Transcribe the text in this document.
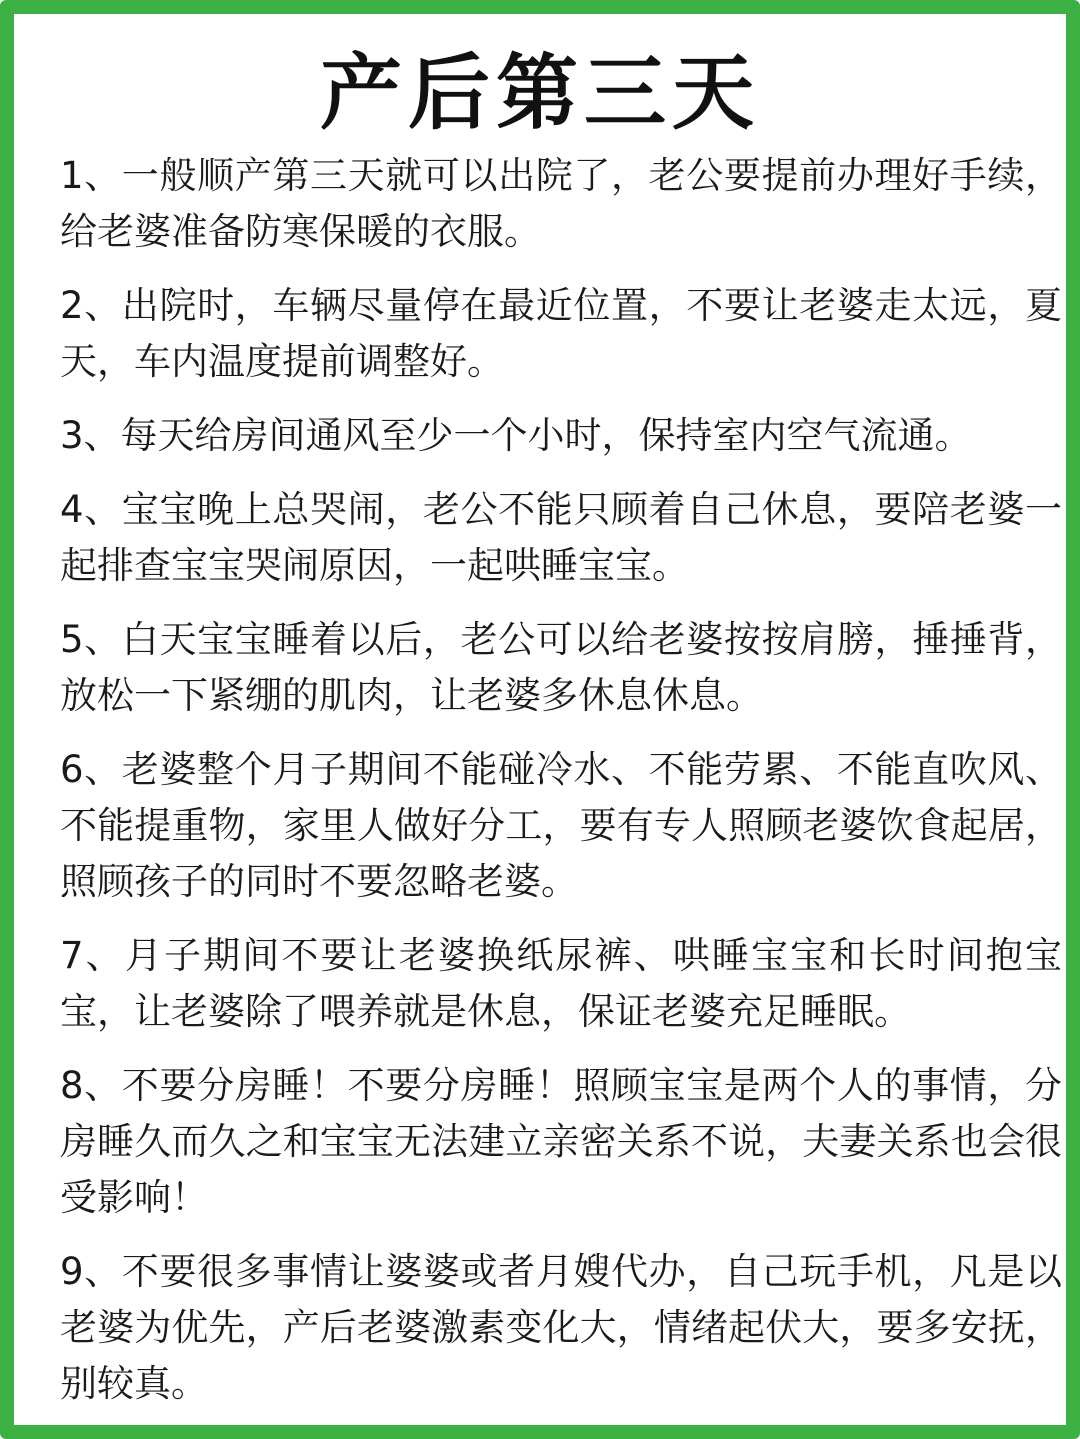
产后第三天

1、一般顺产第三天就可以出院了，老公要提前办理好手续，给老婆准备防寒保暖的衣服。

2、出院时，车辆尽量停在最近位置，不要让老婆走太远，夏天，车内温度提前调整好。

3、每天给房间通风至少一个小时，保持室内空气流通。

4、宝宝晚上总哭闹，老公不能只顾着自己休息，要陪老婆一起排查宝宝哭闹原因，一起哄睡宝宝。

5、白天宝宝睡着以后，老公可以给老婆按按肩膀，捶捶背，放松一下紧绷的肌肉，让老婆多休息休息。

6、老婆整个月子期间不能碰冷水、不能劳累、不能直吹风、不能提重物，家里人做好分工，要有专人照顾老婆饮食起居，照顾孩子的同时不要忽略老婆。

7、月子期间不要让老婆换纸尿裤、哄睡宝宝和长时间抱宝宝，让老婆除了喂养就是休息，保证老婆充足睡眠。

8、不要分房睡！不要分房睡！照顾宝宝是两个人的事情，分房睡久而久之和宝宝无法建立亲密关系不说，夫妻关系也会很受影响！

9、不要很多事情让婆婆或者月嫂代办，自己玩手机，凡是以老婆为优先，产后老婆激素变化大，情绪起伏大，要多安抚，别较真。
